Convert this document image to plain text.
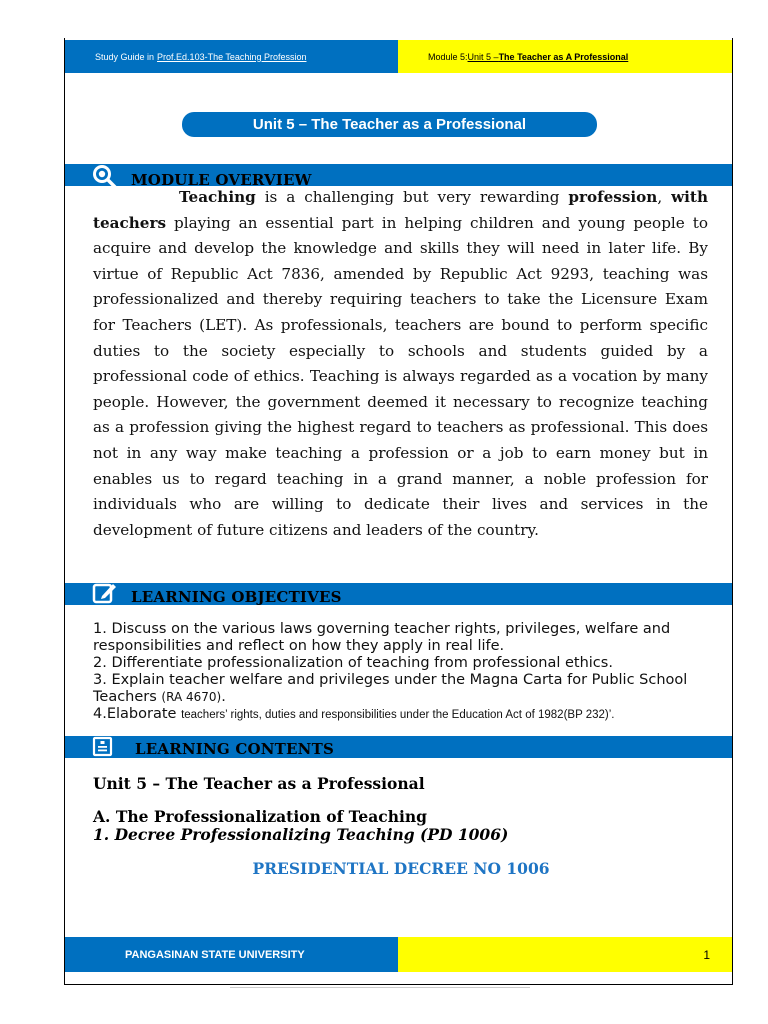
Study Guide in Prof.Ed.103-The Teaching Profession	Module 5: Unit 5 – The Teacher as A Professional
Unit 5 – The Teacher as a Professional
MODULE OVERVIEW
Teaching is a challenging but very rewarding profession, with teachers playing an essential part in helping children and young people to acquire and develop the knowledge and skills they will need in later life. By virtue of Republic Act 7836, amended by Republic Act 9293, teaching was professionalized and thereby requiring teachers to take the Licensure Exam for Teachers (LET). As professionals, teachers are bound to perform specific duties to the society especially to schools and students guided by a professional code of ethics. Teaching is always regarded as a vocation by many people. However, the government deemed it necessary to recognize teaching as a profession giving the highest regard to teachers as professional. This does not in any way make teaching a profession or a job to earn money but in enables us to regard teaching in a grand manner, a noble profession for individuals who are willing to dedicate their lives and services in the development of future citizens and leaders of the country.
LEARNING OBJECTIVES

1. Discuss on the various laws governing teacher rights, privileges, welfare and responsibilities and reflect on how they apply in real life.

2. Differentiate professionalization of teaching from professional ethics.

3. Explain teacher welfare and privileges under the Magna Carta for Public School Teachers (RA 4670).

4.Elaborate teachers’ rights, duties and responsibilities under the Education Act of 1982(BP 232)’.

LEARNING CONTENTS
Unit 5 – The Teacher as a Professional
A. The Professionalization of Teaching
1. Decree Professionalizing Teaching (PD 1006)
PRESIDENTIAL DECREE NO 1006
PANGASINAN STATE UNIVERSITY	1
